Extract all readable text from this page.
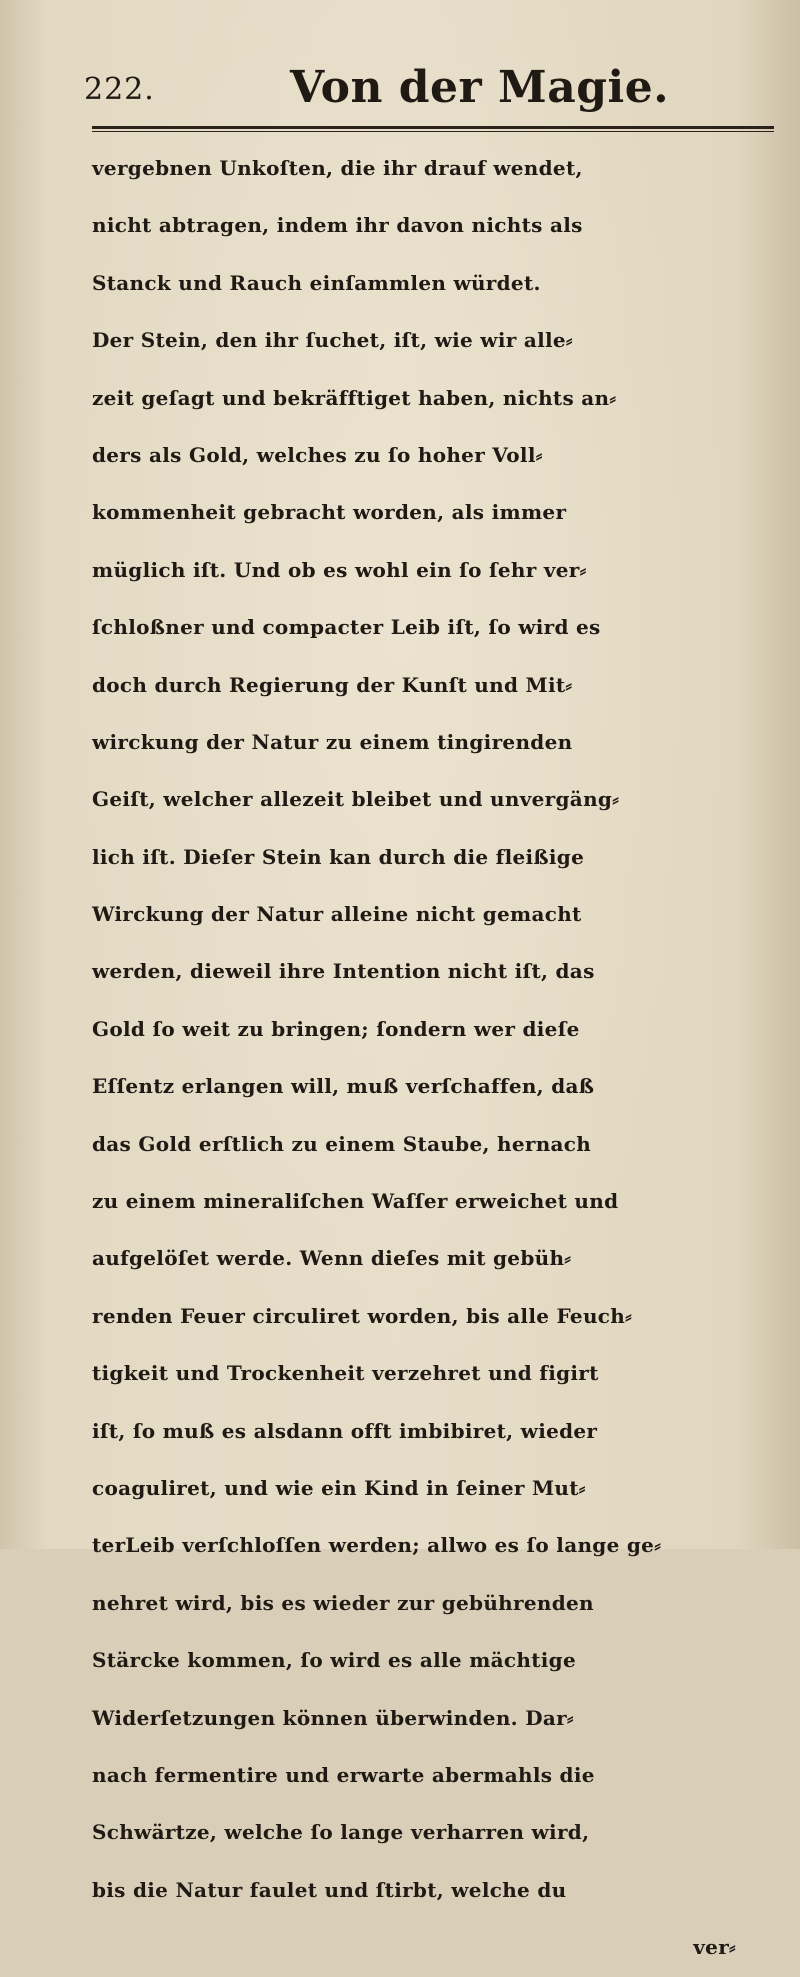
222.	Von der Magie.
vergebnen Unkoſten, die ihr drauf wendet,
nicht abtragen, indem ihr davon nichts als
Stanck und Rauch einſammlen würdet.
Der Stein, den ihr ſuchet, iſt, wie wir alle⸗
zeit geſagt und bekräfftiget haben, nichts an⸗
ders als Gold, welches zu ſo hoher Voll⸗
kommenheit gebracht worden, als immer
müglich iſt. Und ob es wohl ein ſo ſehr ver⸗
ſchloßner und compacter Leib iſt, ſo wird es
doch durch Regierung der Kunſt und Mit⸗
wirckung der Natur zu einem tingirenden
Geiſt, welcher allezeit bleibet und unvergäng⸗
lich iſt. Dieſer Stein kan durch die fleißige
Wirckung der Natur alleine nicht gemacht
werden, dieweil ihre Intention nicht iſt, das
Gold ſo weit zu bringen; ſondern wer dieſe
Eſſentz erlangen will, muß verſchaffen, daß
das Gold erſtlich zu einem Staube, hernach
zu einem mineraliſchen Waſſer erweichet und
aufgelöſet werde. Wenn dieſes mit gebüh⸗
renden Feuer circuliret worden, bis alle Feuch⸗
tigkeit und Trockenheit verzehret und figirt
iſt, ſo muß es alsdann offt imbibiret, wieder
coaguliret, und wie ein Kind in ſeiner Mut⸗
terLeib verſchloſſen werden; allwo es ſo lange ge⸗
nehret wird, bis es wieder zur gebührenden
Stärcke kommen, ſo wird es alle mächtige
Widerſetzungen können überwinden. Dar⸗
nach fermentire und erwarte abermahls die
Schwärtze, welche ſo lange verharren wird,
bis die Natur faulet und ſtirbt, welche du
ver⸗
